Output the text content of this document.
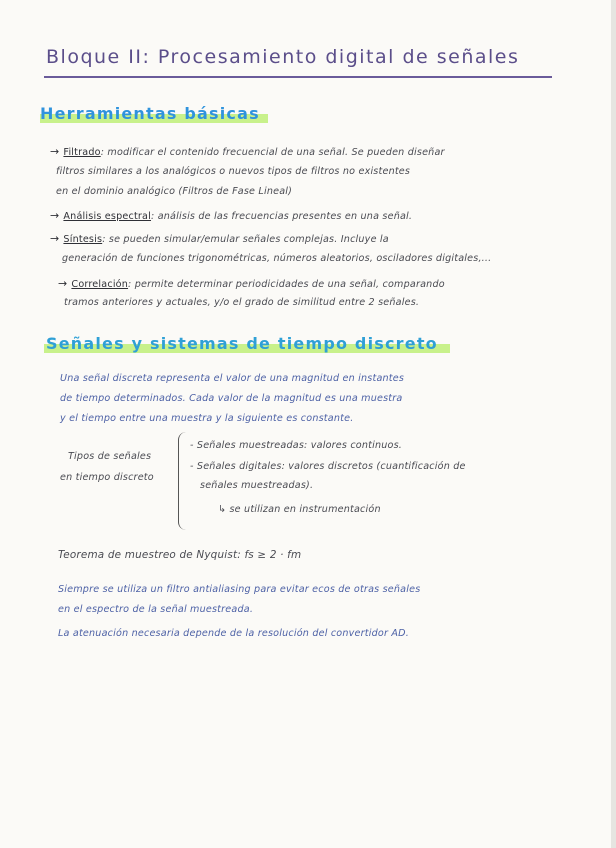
Bloque II: Procesamiento digital de señales
Herramientas básicas
→ Filtrado: modificar el contenido frecuencial de una señal. Se pueden diseñar
filtros similares a los analógicos o nuevos tipos de filtros no existentes
en el dominio analógico (Filtros de Fase Lineal)
→ Análisis espectral: análisis de las frecuencias presentes en una señal.
→ Síntesis: se pueden simular/emular señales complejas. Incluye la
generación de funciones trigonométricas, números aleatorios, osciladores digitales,...
→ Correlación: permite determinar periodicidades de una señal, comparando
tramos anteriores y actuales, y/o el grado de similitud entre 2 señales.
Señales y sistemas de tiempo discreto
Una señal discreta representa el valor de una magnitud en instantes
de tiempo determinados. Cada valor de la magnitud es una muestra
y el tiempo entre una muestra y la siguiente es constante.
Tipos de señales
en tiempo discreto
- Señales muestreadas: valores continuos.
- Señales digitales: valores discretos (cuantificación de
señales muestreadas).
↳ se utilizan en instrumentación
Teorema de muestreo de Nyquist: fs ≥ 2 · fm
Siempre se utiliza un filtro antialiasing para evitar ecos de otras señales
en el espectro de la señal muestreada.
La atenuación necesaria depende de la resolución del convertidor AD.
